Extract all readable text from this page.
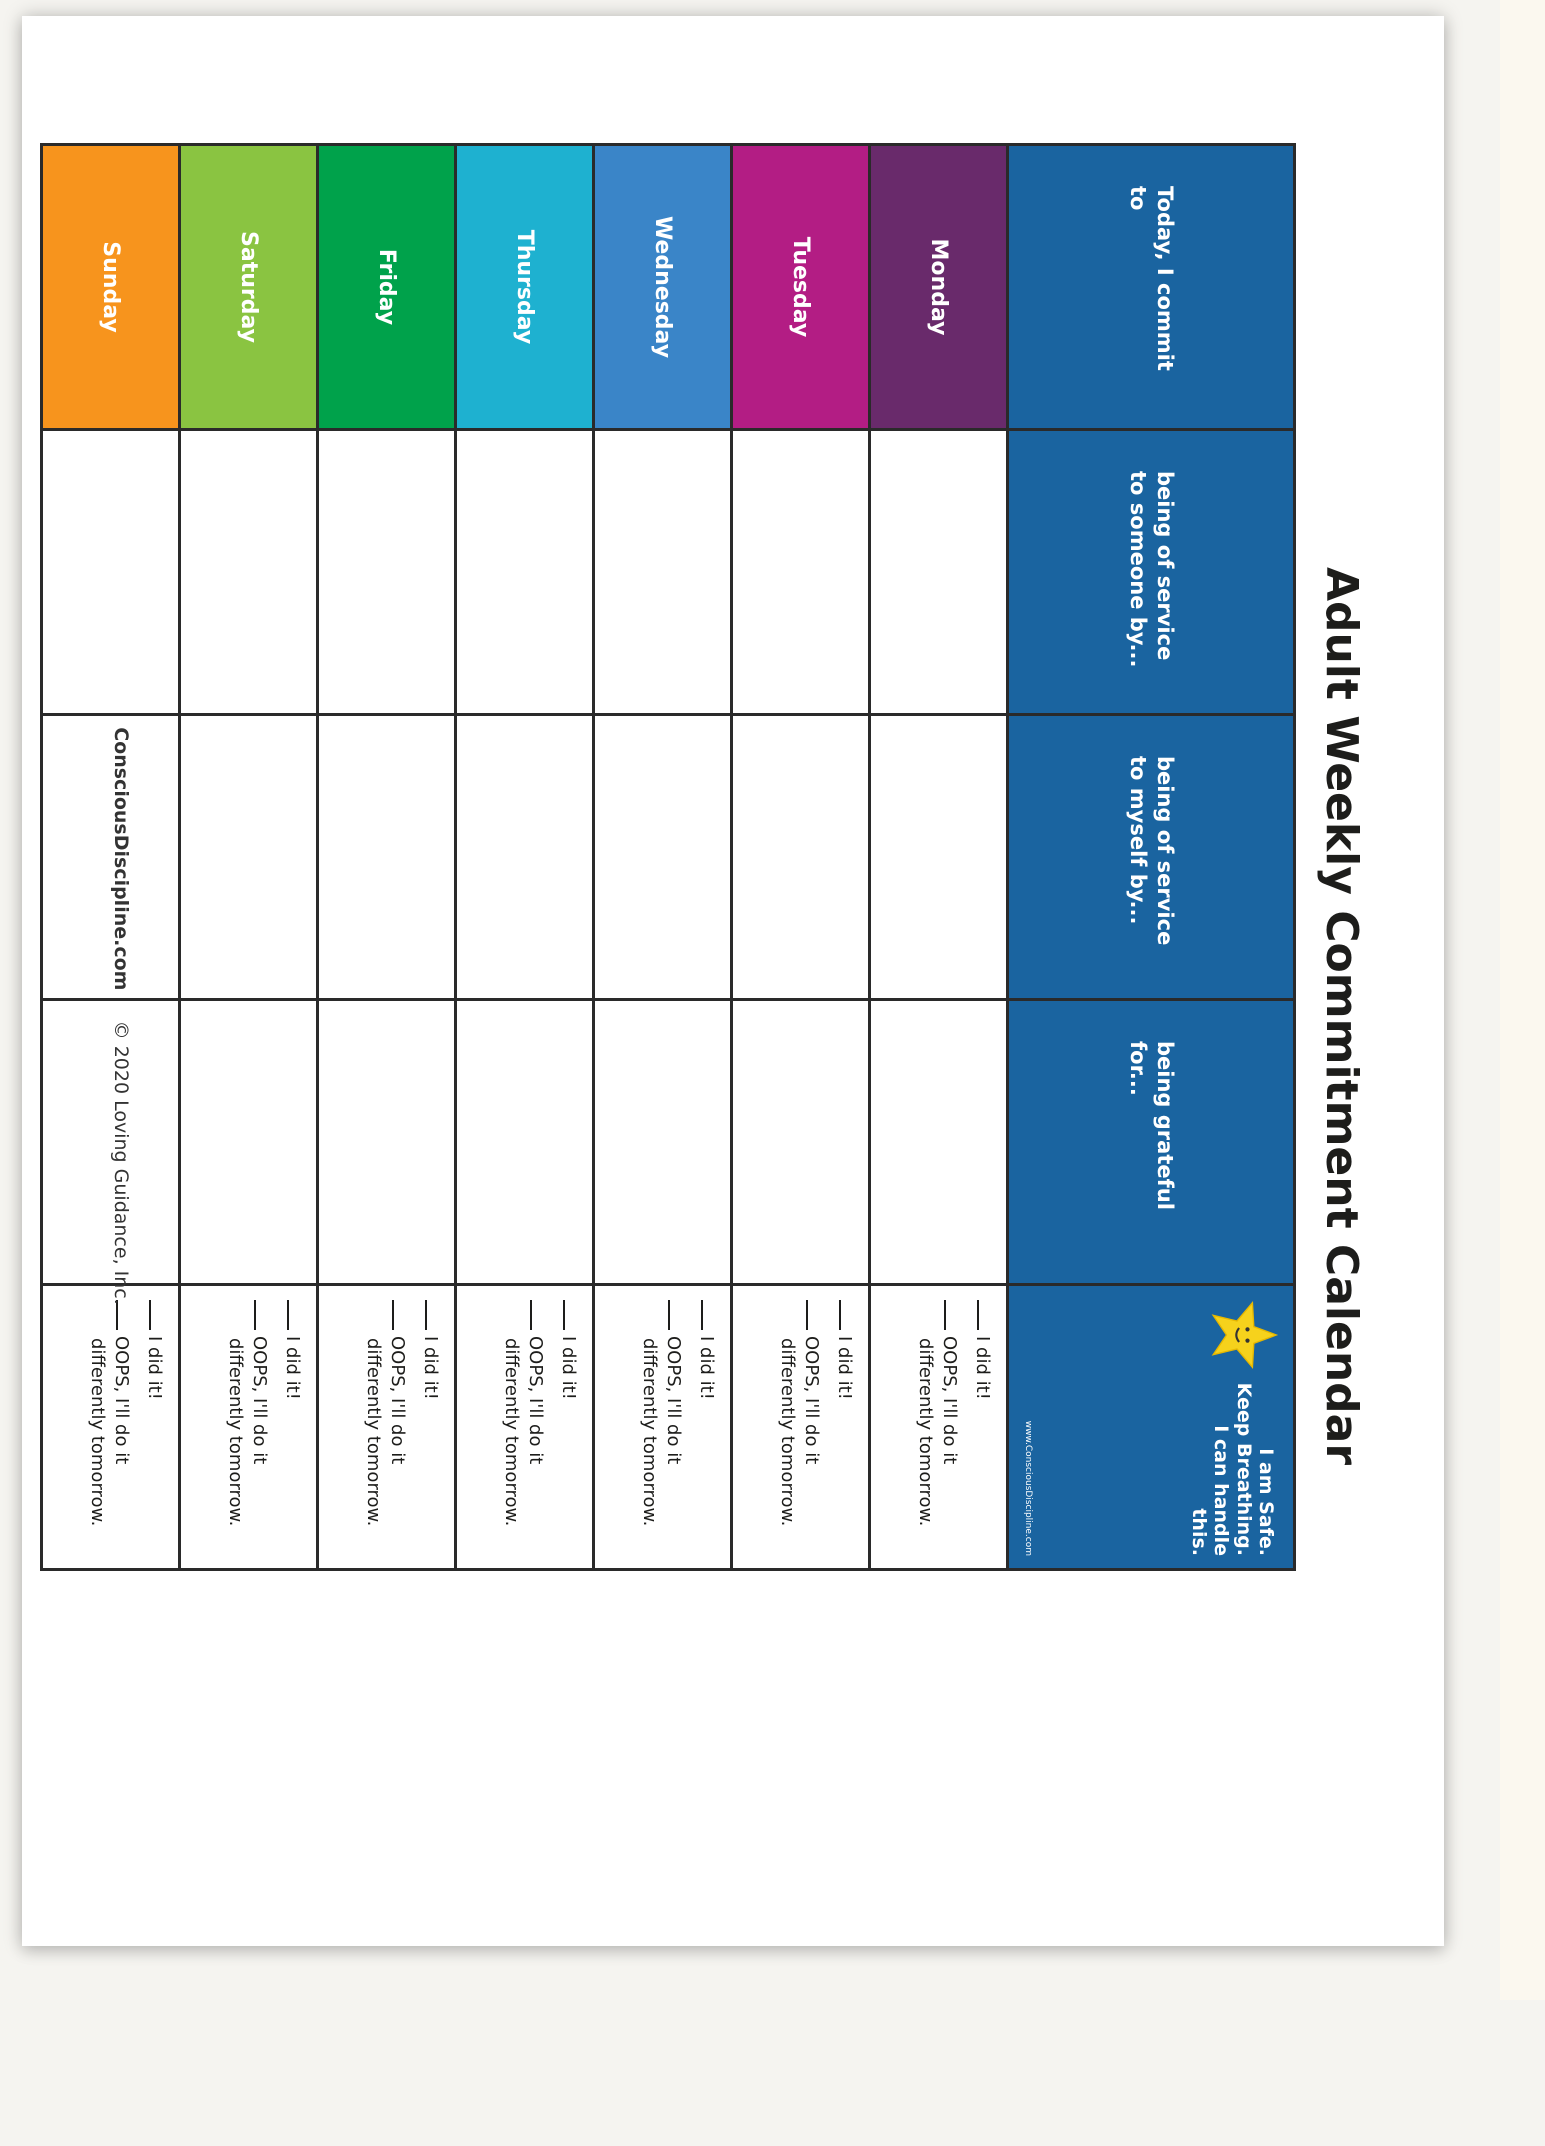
Adult Weekly Commitment Calendar
Today, I commit to	being of service to someone by...	being of service to myself by...	being grateful for...	I am Safe.
Keep Breathing.
I can handle this.
www.ConsciousDiscipline.com

Monday				I did it!
OOPS, I'll do it differently tomorrow.

Tuesday				I did it!
OOPS, I'll do it differently tomorrow.

Wednesday				I did it!
OOPS, I'll do it differently tomorrow.

Thursday				I did it!
OOPS, I'll do it differently tomorrow.

Friday				I did it!
OOPS, I'll do it differently tomorrow.

Saturday				I did it!
OOPS, I'll do it differently tomorrow.

Sunday				I did it!
OOPS, I'll do it differently tomorrow.
ConsciousDiscipline.com     © 2020 Loving Guidance, Inc.
